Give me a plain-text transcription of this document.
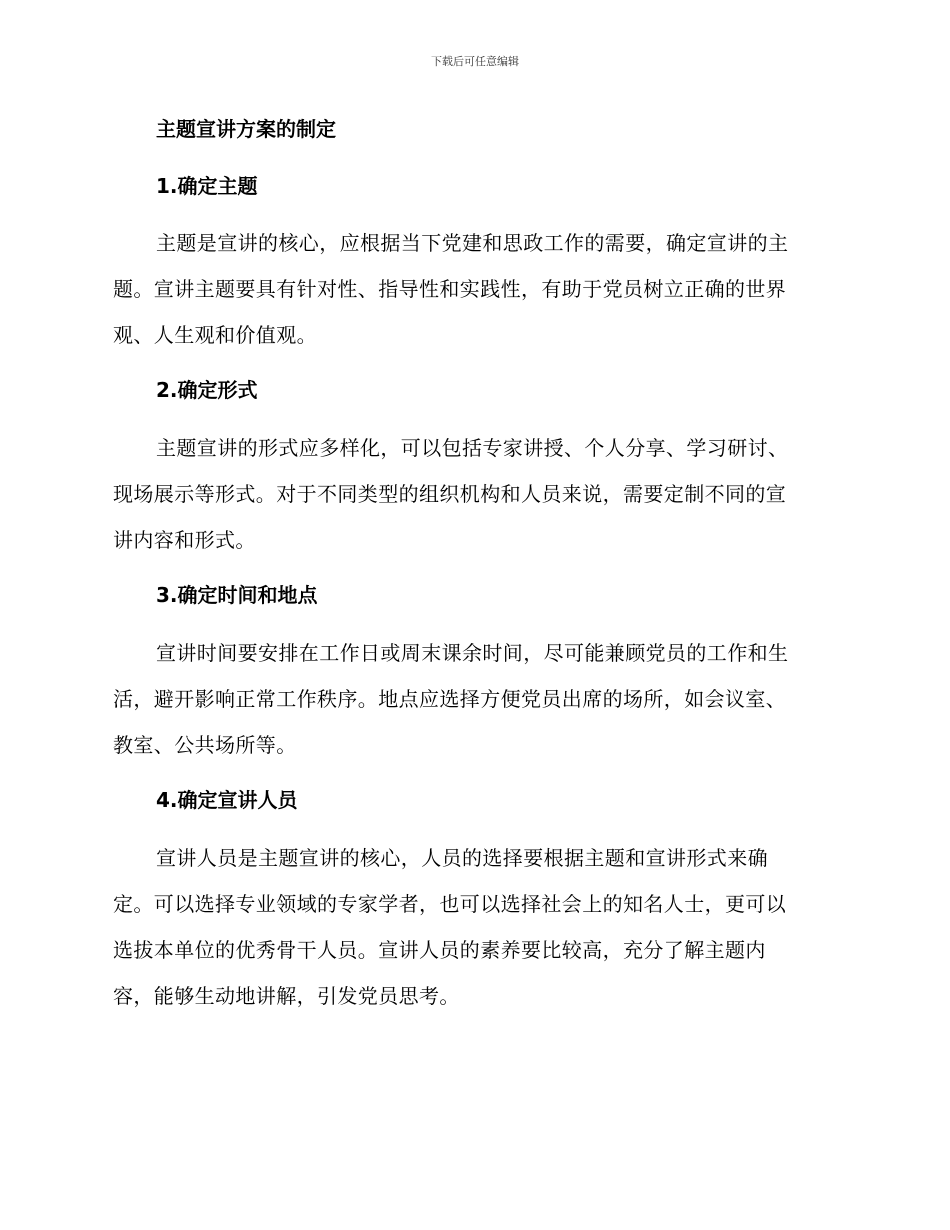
下载后可任意编辑
主题宣讲方案的制定
1.确定主题
主题是宣讲的核心，应根据当下党建和思政工作的需要，确定宣讲的主
题。宣讲主题要具有针对性、指导性和实践性，有助于党员树立正确的世界
观、人生观和价值观。
2.确定形式
主题宣讲的形式应多样化，可以包括专家讲授、个人分享、学习研讨、
现场展示等形式。对于不同类型的组织机构和人员来说，需要定制不同的宣
讲内容和形式。
3.确定时间和地点
宣讲时间要安排在工作日或周末课余时间，尽可能兼顾党员的工作和生
活，避开影响正常工作秩序。地点应选择方便党员出席的场所，如会议室、
教室、公共场所等。
4.确定宣讲人员
宣讲人员是主题宣讲的核心，人员的选择要根据主题和宣讲形式来确
定。可以选择专业领域的专家学者，也可以选择社会上的知名人士，更可以
选拔本单位的优秀骨干人员。宣讲人员的素养要比较高，充分了解主题内
容，能够生动地讲解，引发党员思考。
